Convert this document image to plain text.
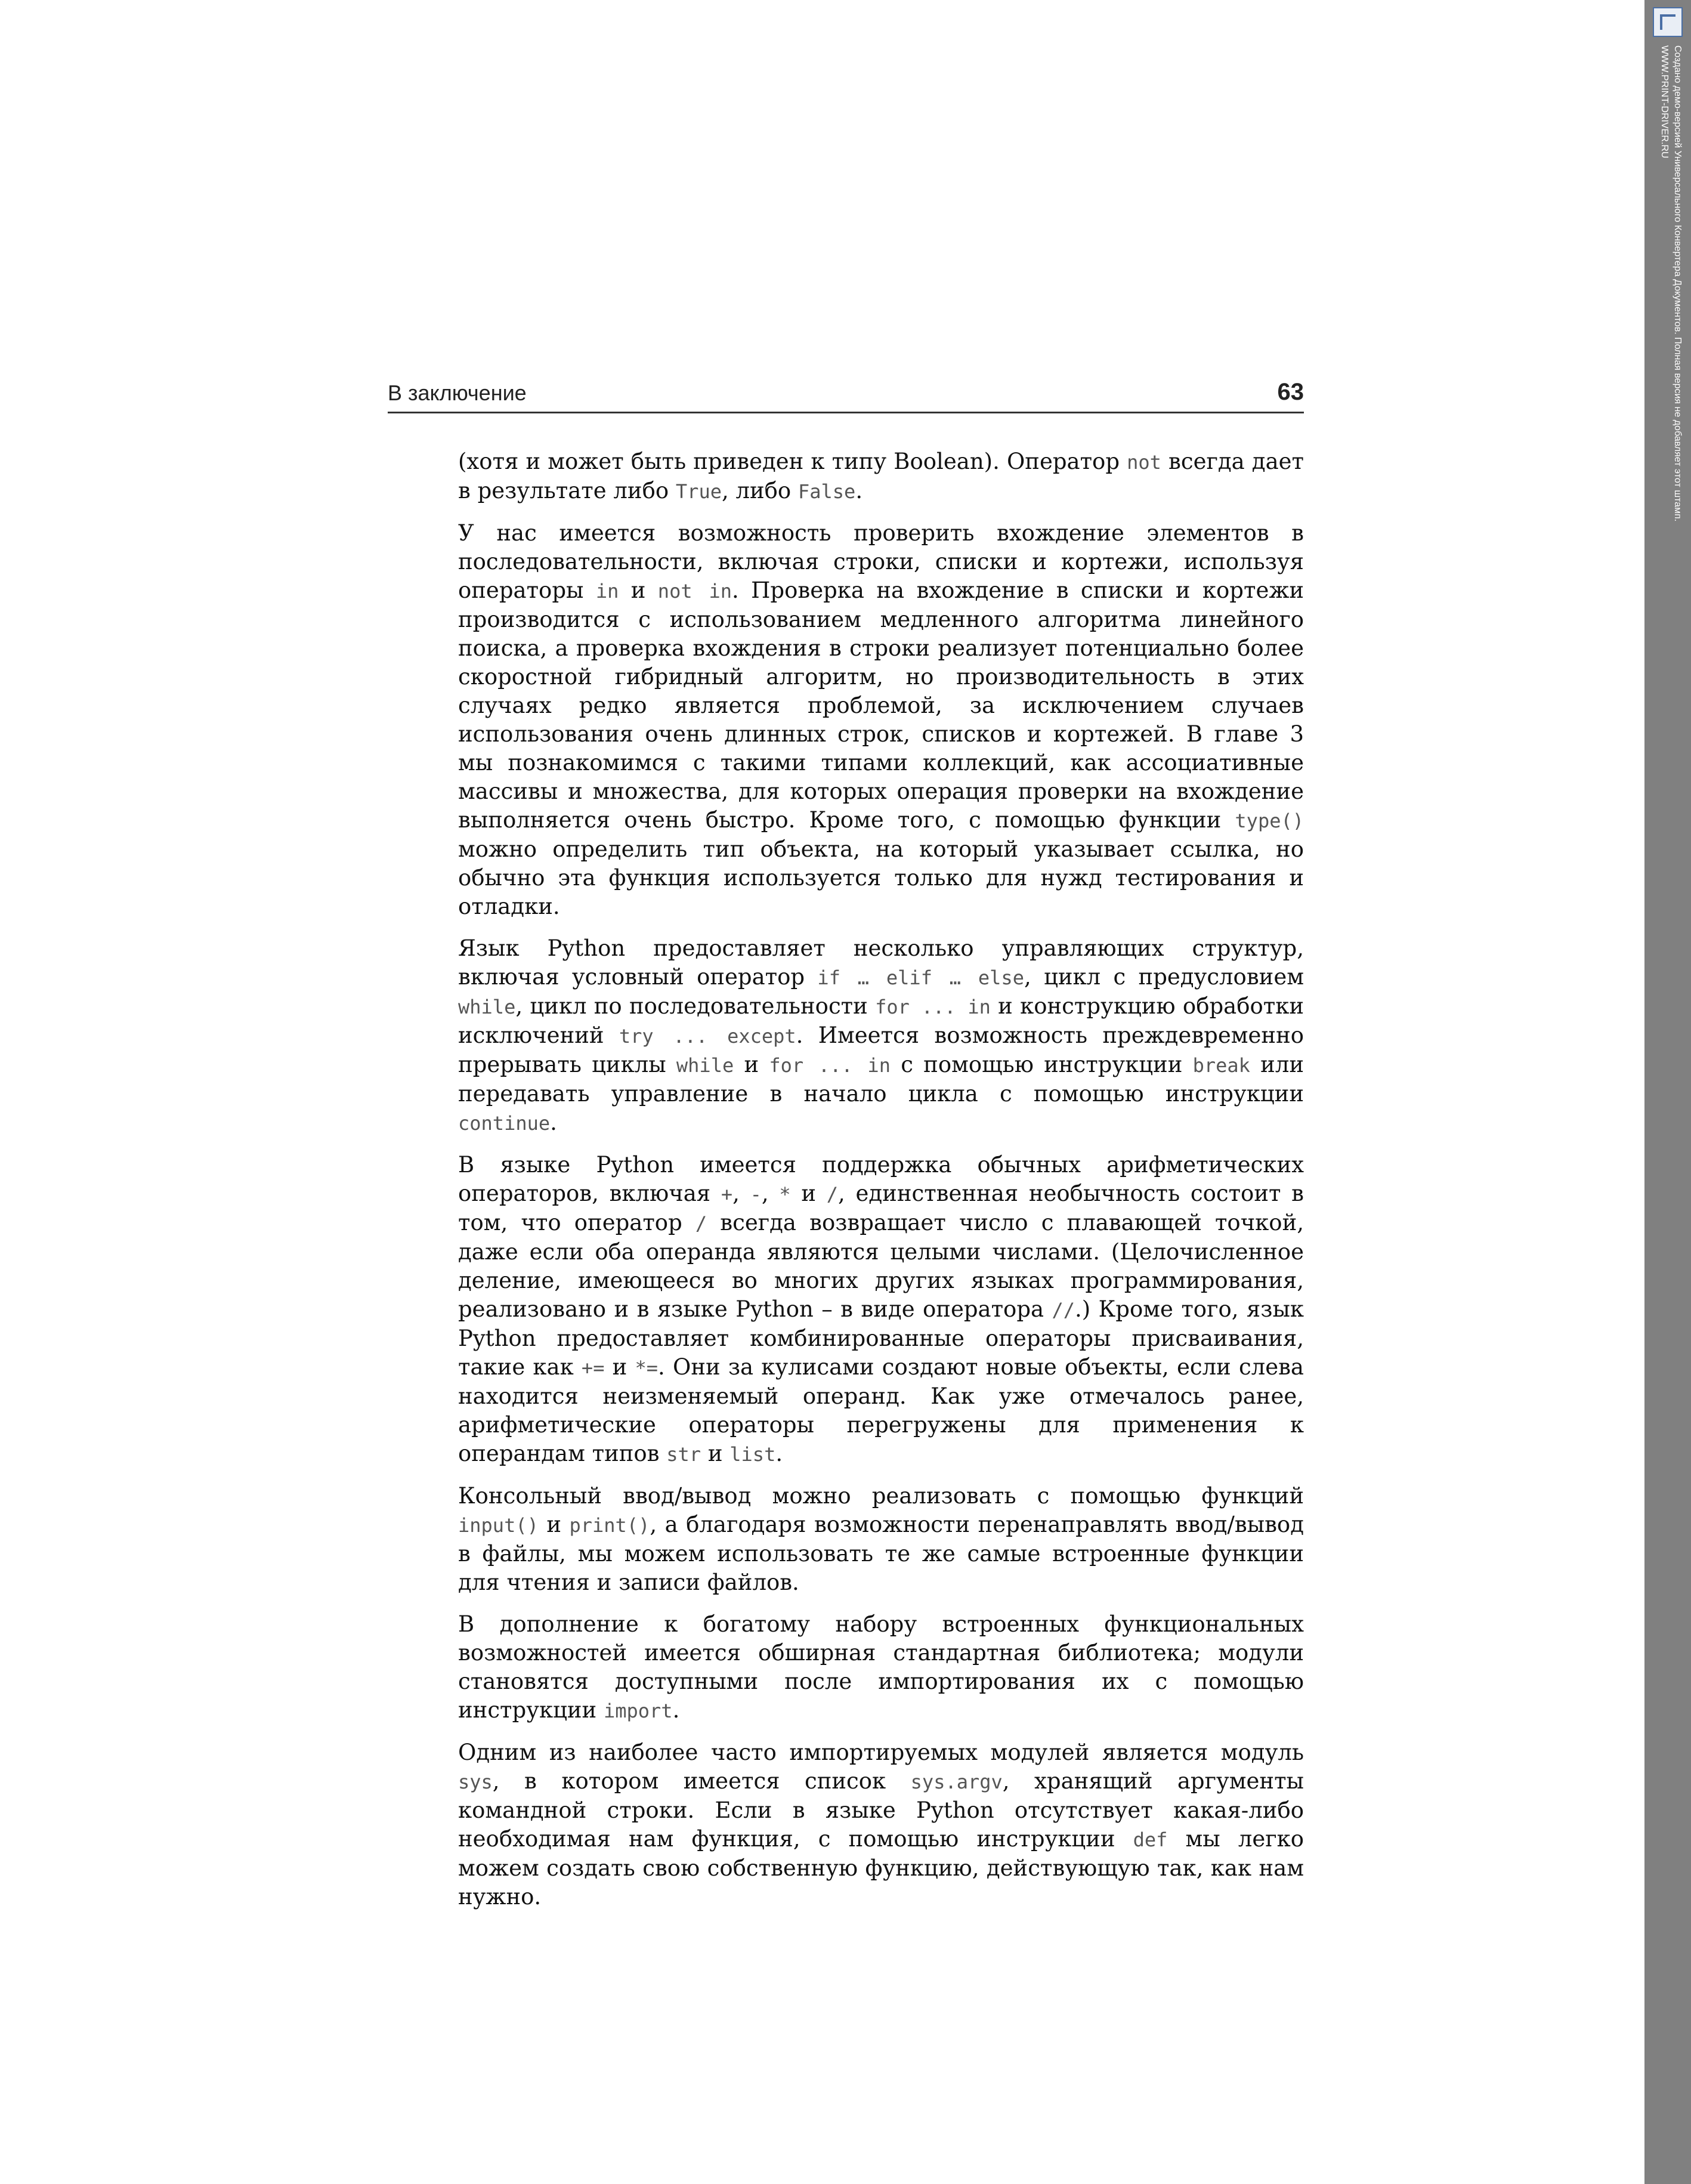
В заключение	63

(хотя и может быть приведен к типу Boolean). Оператор not всегда дает в результате либо True, либо False.

У нас имеется возможность проверить вхождение элементов в последовательности, включая строки, списки и кортежи, используя операторы in и not in. Проверка на вхождение в списки и кортежи производится с использованием медленного алгоритма линейного поиска, а проверка вхождения в строки реализует потенциально более скоростной гибридный алгоритм, но производительность в этих случаях редко является проблемой, за исключением случаев использования очень длинных строк, списков и кортежей. В главе 3 мы познакомимся с такими типами коллекций, как ассоциативные массивы и множества, для которых операция проверки на вхождение выполняется очень быстро. Кроме того, с помощью функции type() можно определить тип объекта, на который указывает ссылка, но обычно эта функция используется только для нужд тестирования и отладки.

Язык Python предоставляет несколько управляющих структур, включая условный оператор if … elif … else, цикл с предусловием while, цикл по последовательности for ... in и конструкцию обработки исключений try ... except. Имеется возможность преждевременно прерывать циклы while и for ... in с помощью инструкции break или передавать управление в начало цикла с помощью инструкции continue.

В языке Python имеется поддержка обычных арифметических операторов, включая +, -, * и /, единственная необычность состоит в том, что оператор / всегда возвращает число с плавающей точкой, даже если оба операнда являются целыми числами. (Целочисленное деление, имеющееся во многих других языках программирования, реализовано и в языке Python – в виде оператора //.) Кроме того, язык Python предоставляет комбинированные операторы присваивания, такие как += и *=. Они за кулисами создают новые объекты, если слева находится неизменяемый операнд. Как уже отмечалось ранее, арифметические операторы перегружены для применения к операндам типов str и list.

Консольный ввод/вывод можно реализовать с помощью функций input() и print(), а благодаря возможности перенаправлять ввод/вывод в файлы, мы можем использовать те же самые встроенные функции для чтения и записи файлов.

В дополнение к богатому набору встроенных функциональных возможностей имеется обширная стандартная библиотека; модули становятся доступными после импортирования их с помощью инструкции import.

Одним из наиболее часто импортируемых модулей является модуль sys, в котором имеется список sys.argv, хранящий аргументы командной строки. Если в языке Python отсутствует какая-либо необходимая нам функция, с помощью инструкции def мы легко можем создать свою собственную функцию, действующую так, как нам нужно.

Создано демо-версией Универсального Конвертера Документов. Полная версия не добавляет этот штамп.
WWW.PRINT-DRIVER.RU
